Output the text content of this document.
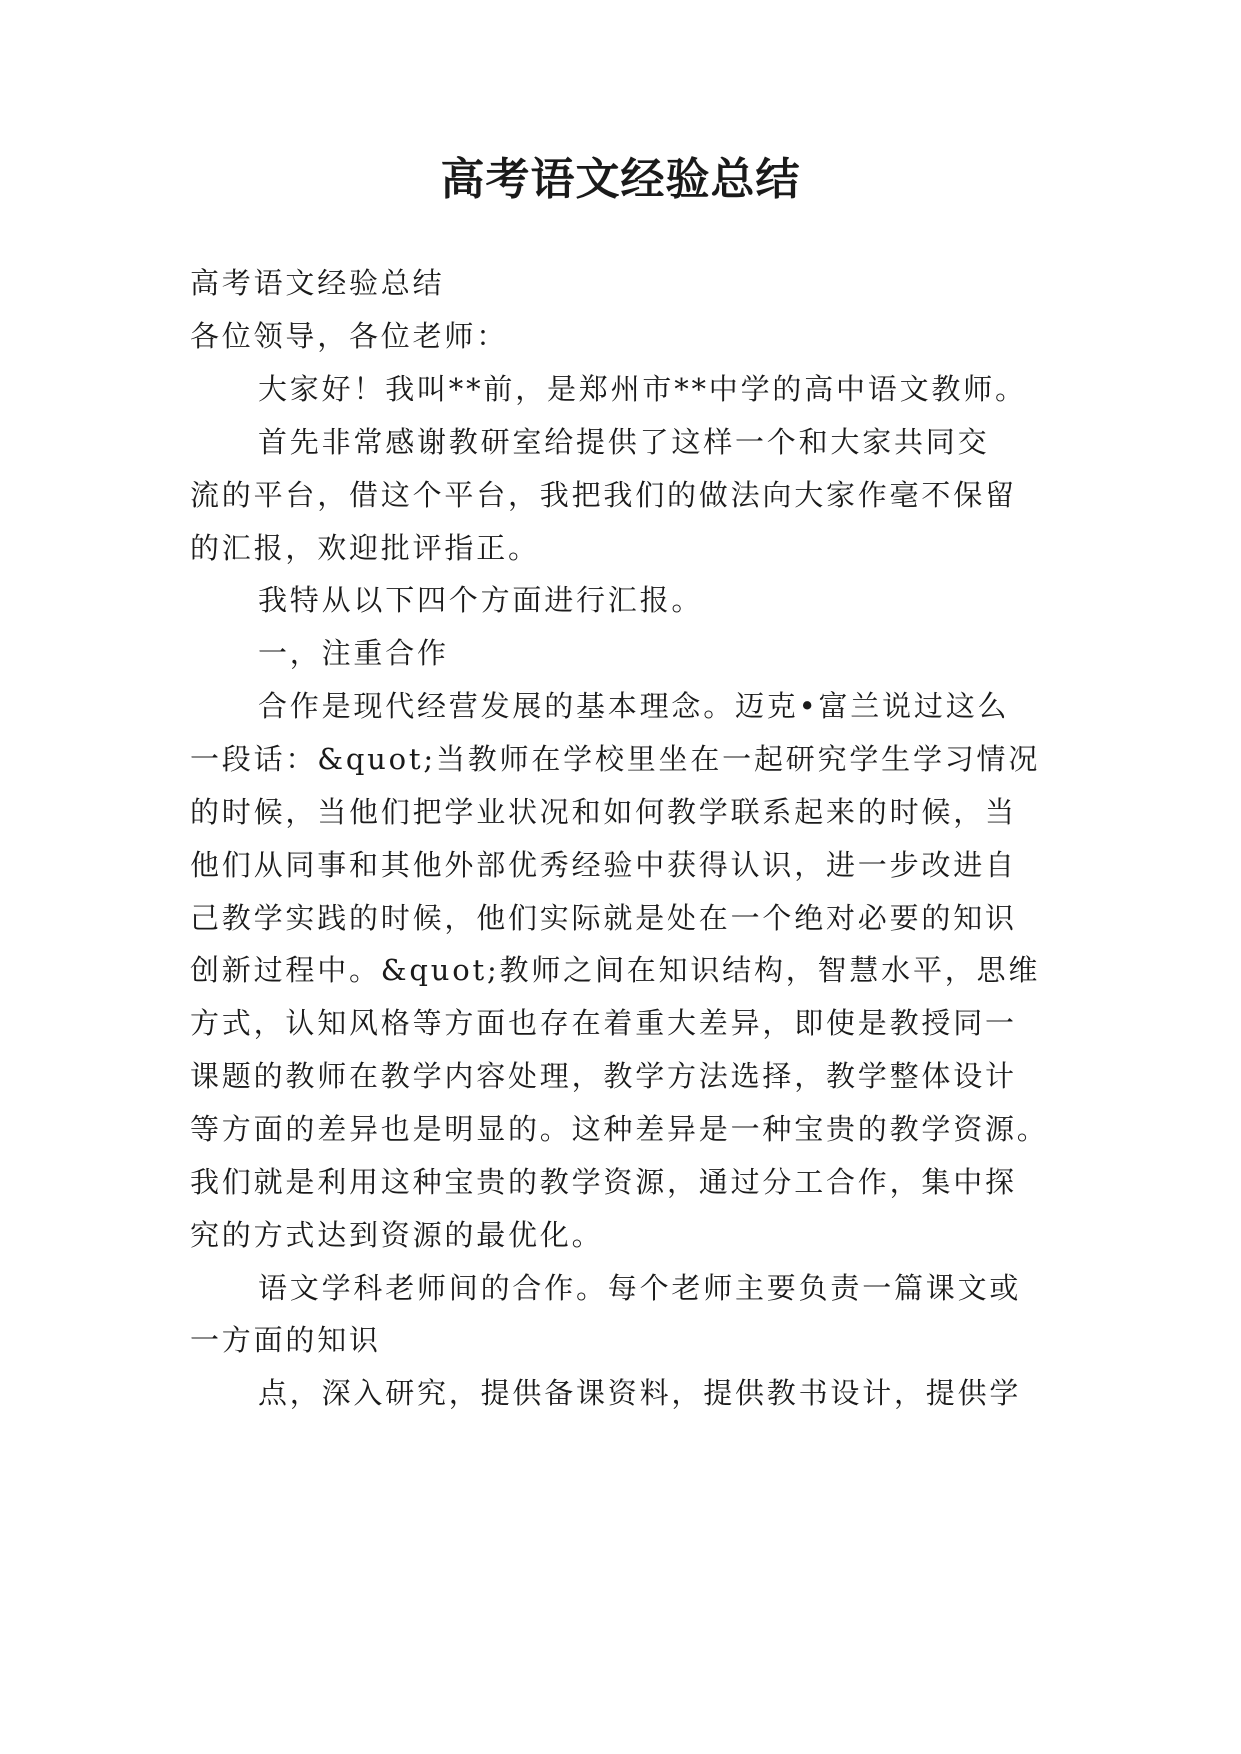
高考语文经验总结
高考语文经验总结
各位领导，各位老师：
大家好！我叫**前，是郑州市**中学的高中语文教师。
首先非常感谢教研室给提供了这样一个和大家共同交
流的平台，借这个平台，我把我们的做法向大家作毫不保留
的汇报，欢迎批评指正。
我特从以下四个方面进行汇报。
一，注重合作
合作是现代经营发展的基本理念。迈克•富兰说过这么
一段话：&quot;当教师在学校里坐在一起研究学生学习情况
的时候，当他们把学业状况和如何教学联系起来的时候，当
他们从同事和其他外部优秀经验中获得认识，进一步改进自
己教学实践的时候，他们实际就是处在一个绝对必要的知识
创新过程中。&quot;教师之间在知识结构，智慧水平，思维
方式，认知风格等方面也存在着重大差异，即使是教授同一
课题的教师在教学内容处理，教学方法选择，教学整体设计
等方面的差异也是明显的。这种差异是一种宝贵的教学资源。
我们就是利用这种宝贵的教学资源，通过分工合作，集中探
究的方式达到资源的最优化。
语文学科老师间的合作。每个老师主要负责一篇课文或
一方面的知识
点，深入研究，提供备课资料，提供教书设计，提供学
